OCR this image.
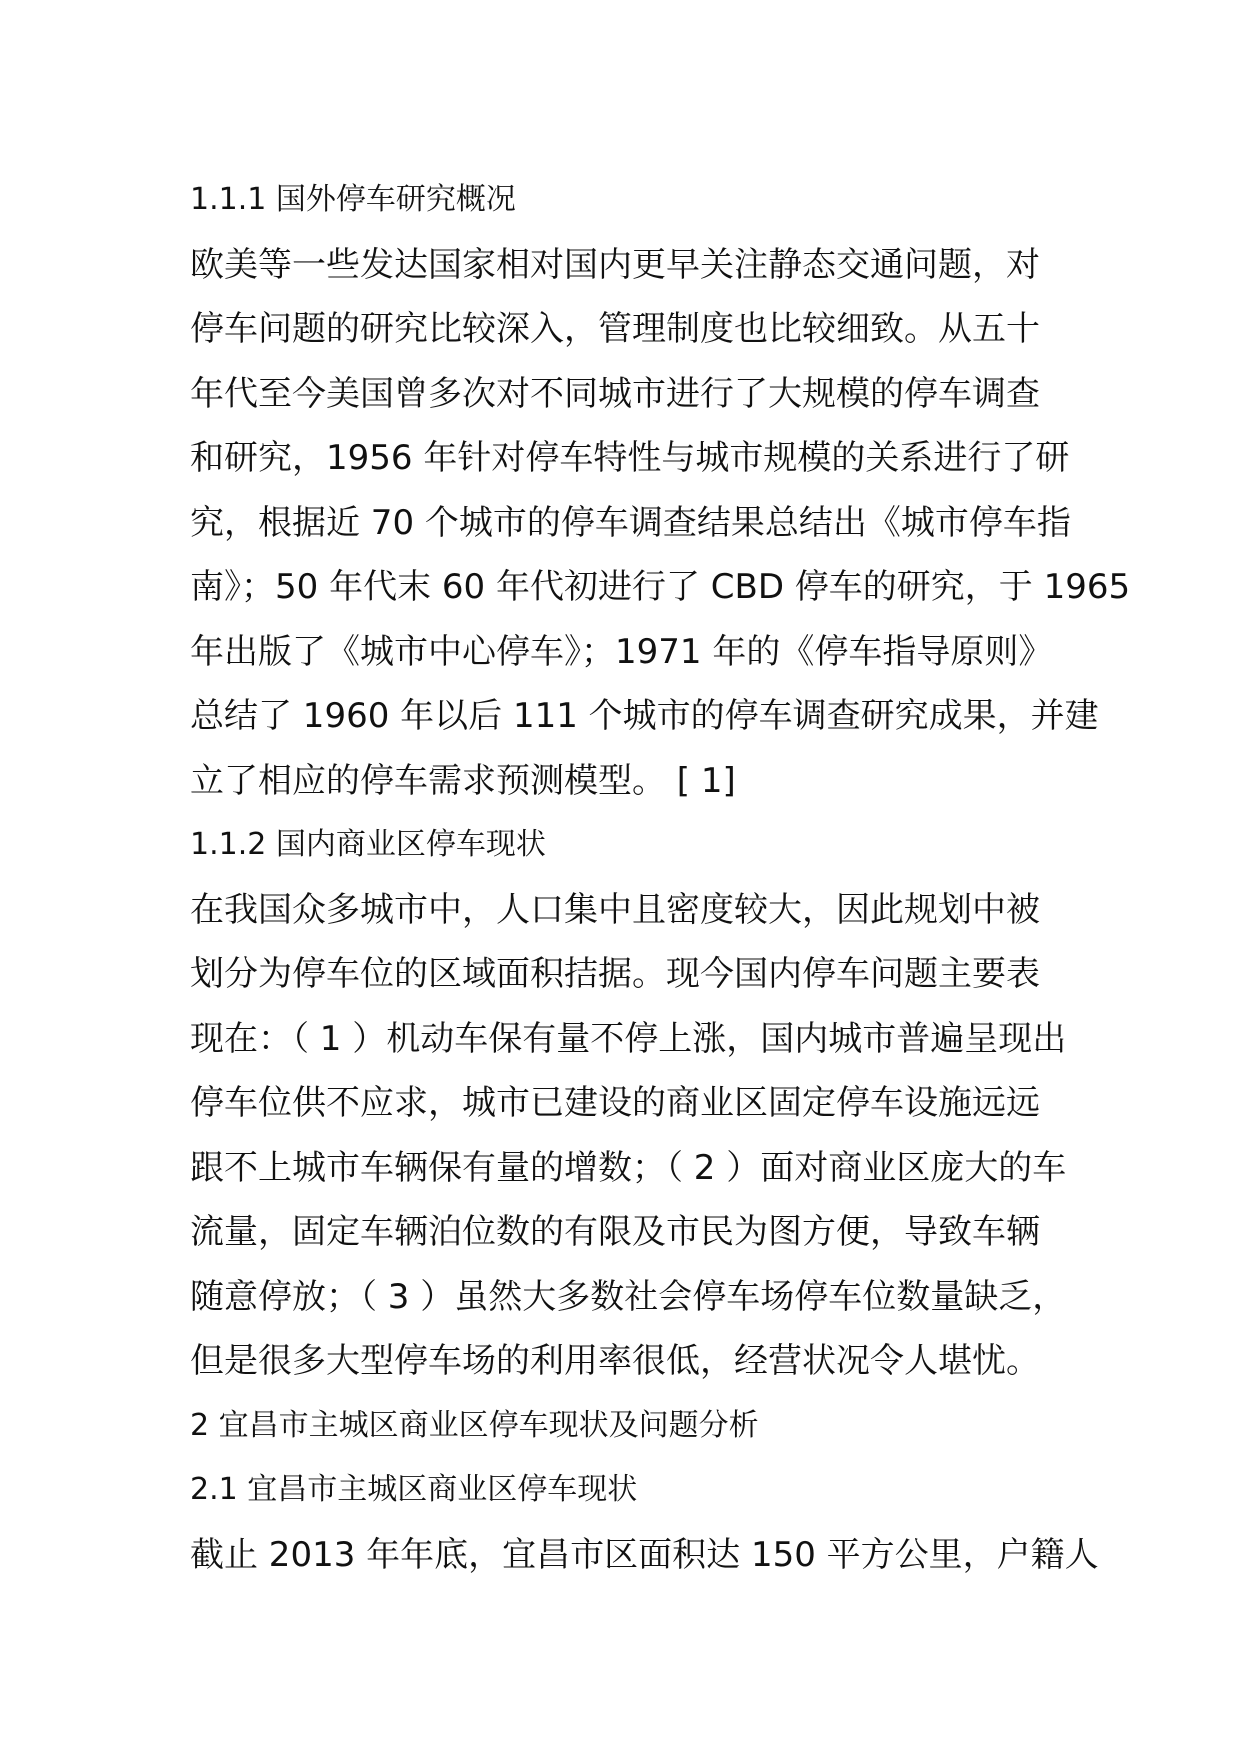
1.1.1 国外停车研究概况
欧美等一些发达国家相对国内更早关注静态交通问题，对
停车问题的研究比较深入，管理制度也比较细致。从五十
年代至今美国曾多次对不同城市进行了大规模的停车调查
和研究，1956 年针对停车特性与城市规模的关系进行了研
究，根据近 70 个城市的停车调查结果总结出《城市停车指
南》；50 年代末 60 年代初进行了 CBD 停车的研究，于 1965
年出版了《城市中心停车》；1971 年的《停车指导原则》
总结了 1960 年以后 111 个城市的停车调查研究成果，并建
立了相应的停车需求预测模型。 [ 1]
1.1.2 国内商业区停车现状
在我国众多城市中，人口集中且密度较大，因此规划中被
划分为停车位的区域面积拮据。现今国内停车问题主要表
现在：（ 1 ）机动车保有量不停上涨，国内城市普遍呈现出
停车位供不应求，城市已建设的商业区固定停车设施远远
跟不上城市车辆保有量的增数；（ 2 ）面对商业区庞大的车
流量，固定车辆泊位数的有限及市民为图方便，导致车辆
随意停放；（ 3 ）虽然大多数社会停车场停车位数量缺乏，
但是很多大型停车场的利用率很低，经营状况令人堪忧。
2 宜昌市主城区商业区停车现状及问题分析
2.1 宜昌市主城区商业区停车现状
截止 2013 年年底，宜昌市区面积达 150 平方公里，户籍人
